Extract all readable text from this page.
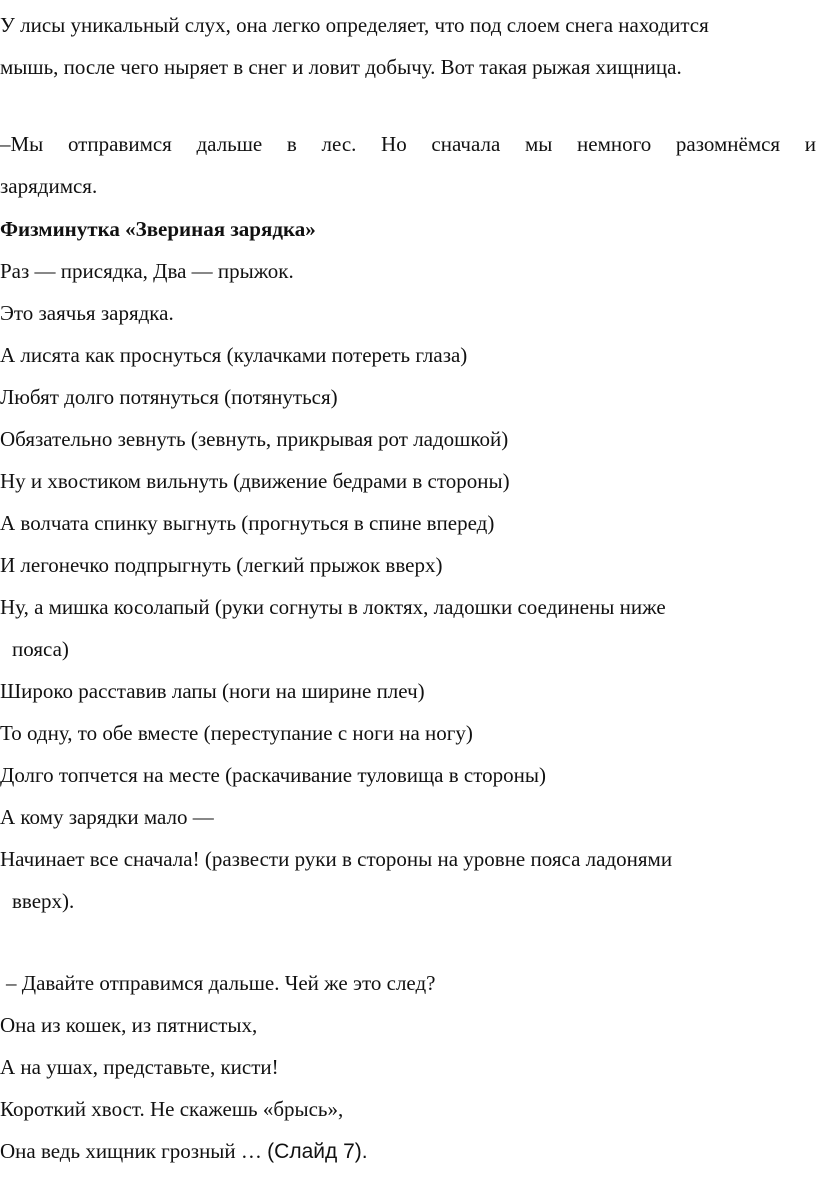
У лисы уникальный слух, она легко определяет, что под слоем снега находится

мышь, после чего ныряет в снег и ловит добычу. Вот такая рыжая хищница.

–Мы отправимся дальше в лес. Но сначала мы немного разомнёмся и

зарядимся.

Физминутка «Звериная зарядка»

Раз — присядка, Два — прыжок.

Это заячья зарядка.

А лисята как проснуться (кулачками потереть глаза)

Любят долго потянуться (потянуться)

Обязательно зевнуть (зевнуть, прикрывая рот ладошкой)

Ну и хвостиком вильнуть (движение бедрами в стороны)

А волчата спинку выгнуть (прогнуться в спине вперед)

И легонечко подпрыгнуть (легкий прыжок вверх)

Ну, а мишка косолапый (руки согнуты в локтях, ладошки соединены ниже

пояса)

Широко расставив лапы (ноги на ширине плеч)

То одну, то обе вместе (переступание с ноги на ногу)

Долго топчется на месте (раскачивание туловища в стороны)

А кому зарядки мало —

Начинает все сначала! (развести руки в стороны на уровне пояса ладонями

вверх).

– Давайте отправимся дальше. Чей же это след?

Она из кошек, из пятнистых,

А на ушах, представьте, кисти!

Короткий хвост. Не скажешь «брысь»,

Она ведь хищник грозный … (Слайд 7).
